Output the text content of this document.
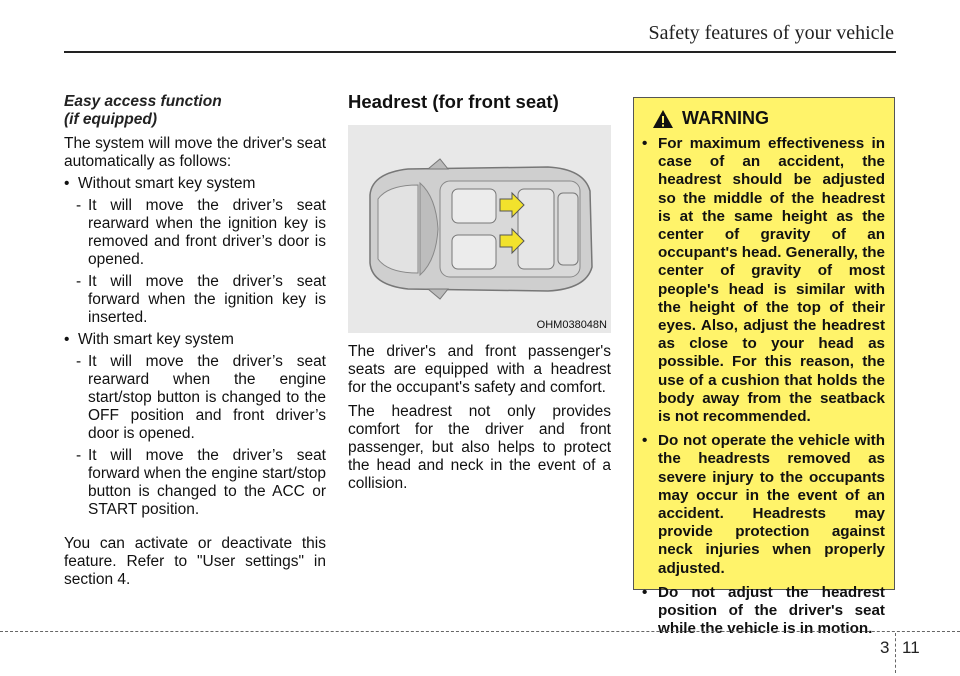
Safety features of your vehicle
Easy access function
(if equipped)

The system will move the driver's seat automatically as follows:

• Without smart key system
- It will move the driver’s seat rearward when the ignition key is removed and front driver’s door is opened.
- It will move the driver’s seat forward when the ignition key is inserted.
• With smart key system
- It will move the driver’s seat rearward when the engine start/stop button is changed to the OFF position and front driver’s door is opened.
- It will move the driver’s seat forward when the engine start/stop button is changed to the ACC or START position.

You can activate or deactivate this feature. Refer to "User settings" in section 4.

Headrest (for front seat)
OHM038048N

The driver's and front passenger's seats are equipped with a headrest for the occupant's safety and comfort.

The headrest not only provides comfort for the driver and front passenger, but also helps to protect the head and neck in the event of a collision.

WARNING
• For maximum effectiveness in case of an accident, the headrest should be adjusted so the middle of the headrest is at the same height as the center of gravity of an occupant's head. Generally, the center of gravity of most people's head is similar with the height of the top of their eyes. Also, adjust the headrest as close to your head as possible. For this reason, the use of a cushion that holds the body away from the seatback is not recommended.
• Do not operate the vehicle with the headrests removed as severe injury to the occupants may occur in the event of an accident. Headrests may provide protection against neck injuries when properly adjusted.
• Do not adjust the headrest position of the driver's seat while the vehicle is in motion.
3 11
